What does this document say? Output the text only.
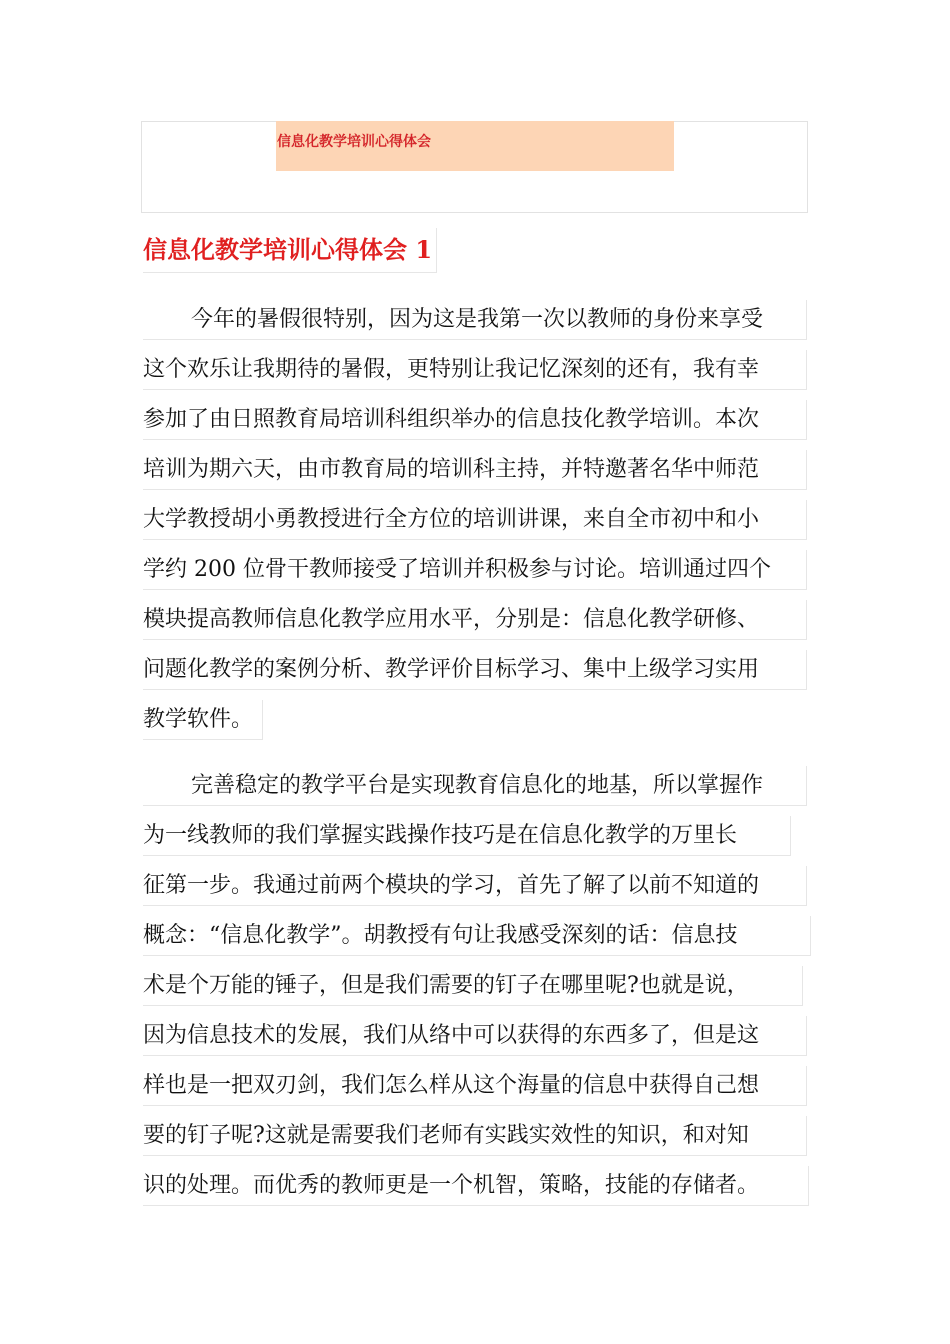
信息化教学培训心得体会
信息化教学培训心得体会 1
今年的暑假很特别，因为这是我第一次以教师的身份来享受
这个欢乐让我期待的暑假，更特别让我记忆深刻的还有，我有幸
参加了由日照教育局培训科组织举办的信息技化教学培训。本次
培训为期六天，由市教育局的培训科主持，并特邀著名华中师范
大学教授胡小勇教授进行全方位的培训讲课，来自全市初中和小
学约 200 位骨干教师接受了培训并积极参与讨论。培训通过四个
模块提高教师信息化教学应用水平，分别是：信息化教学研修、
问题化教学的案例分析、教学评价目标学习、集中上级学习实用
教学软件。
完善稳定的教学平台是实现教育信息化的地基，所以掌握作
为一线教师的我们掌握实践操作技巧是在信息化教学的万里长
征第一步。我通过前两个模块的学习，首先了解了以前不知道的
概念：“信息化教学”。胡教授有句让我感受深刻的话：信息技
术是个万能的锤子，但是我们需要的钉子在哪里呢?也就是说，
因为信息技术的发展，我们从络中可以获得的东西多了，但是这
样也是一把双刃剑，我们怎么样从这个海量的信息中获得自己想
要的钉子呢?这就是需要我们老师有实践实效性的知识，和对知
识的处理。而优秀的教师更是一个机智，策略，技能的存储者。
